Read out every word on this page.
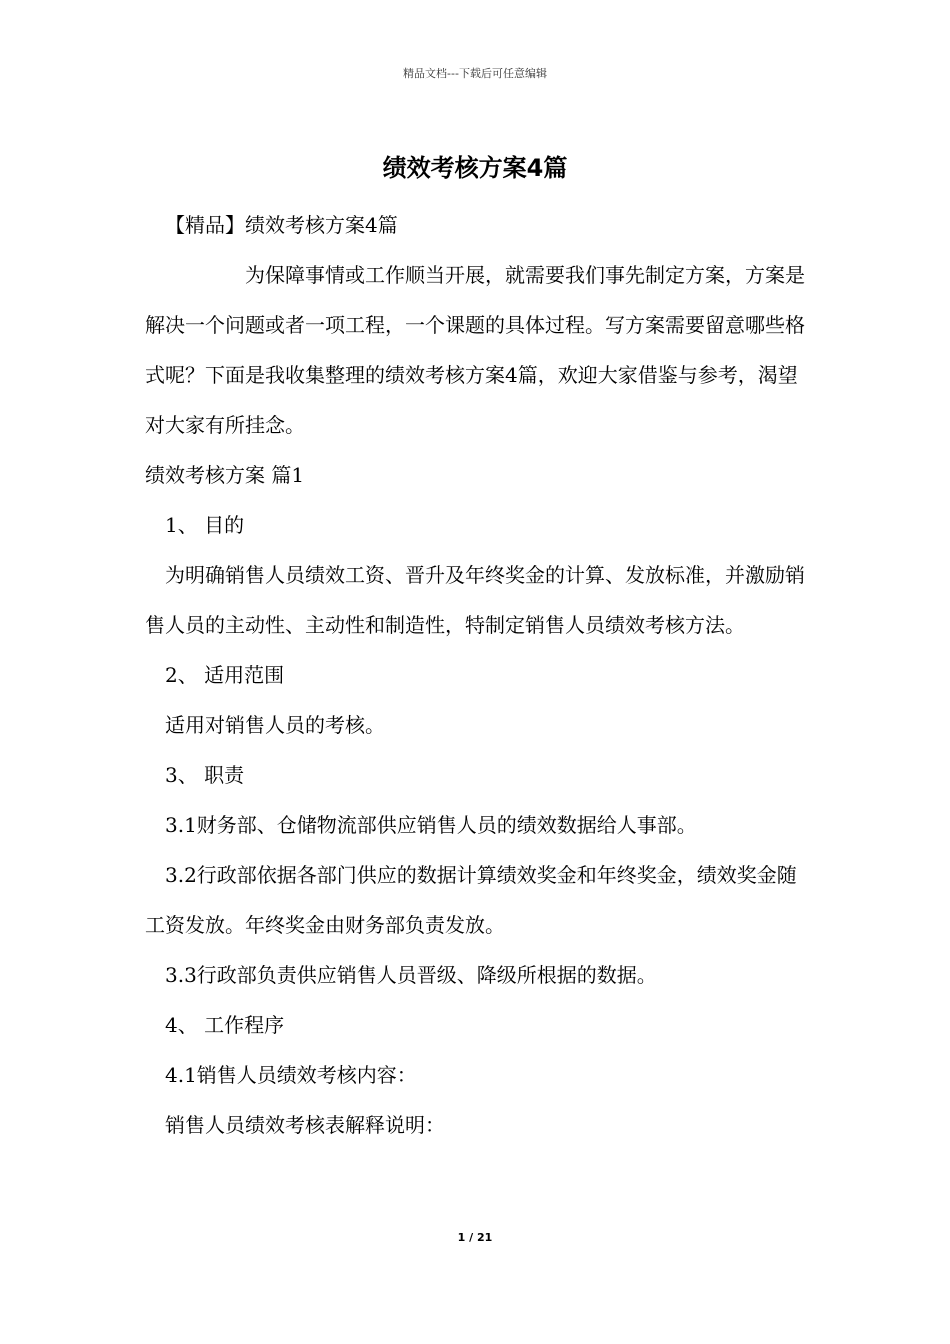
精品文档---下载后可任意编辑
绩效考核方案4篇

【精品】绩效考核方案4篇

为保障事情或工作顺当开展，就需要我们事先制定方案，方案是解决一个问题或者一项工程，一个课题的具体过程。写方案需要留意哪些格式呢？下面是我收集整理的绩效考核方案4篇，欢迎大家借鉴与参考，渴望对大家有所挂念。

绩效考核方案 篇1

1、 目的

为明确销售人员绩效工资、晋升及年终奖金的计算、发放标准，并激励销售人员的主动性、主动性和制造性，特制定销售人员绩效考核方法。

2、 适用范围

适用对销售人员的考核。

3、 职责

3.1财务部、仓储物流部供应销售人员的绩效数据给人事部。

3.2行政部依据各部门供应的数据计算绩效奖金和年终奖金，绩效奖金随工资发放。年终奖金由财务部负责发放。

3.3行政部负责供应销售人员晋级、降级所根据的数据。

4、 工作程序

4.1销售人员绩效考核内容：

销售人员绩效考核表解释说明：

1 / 21
